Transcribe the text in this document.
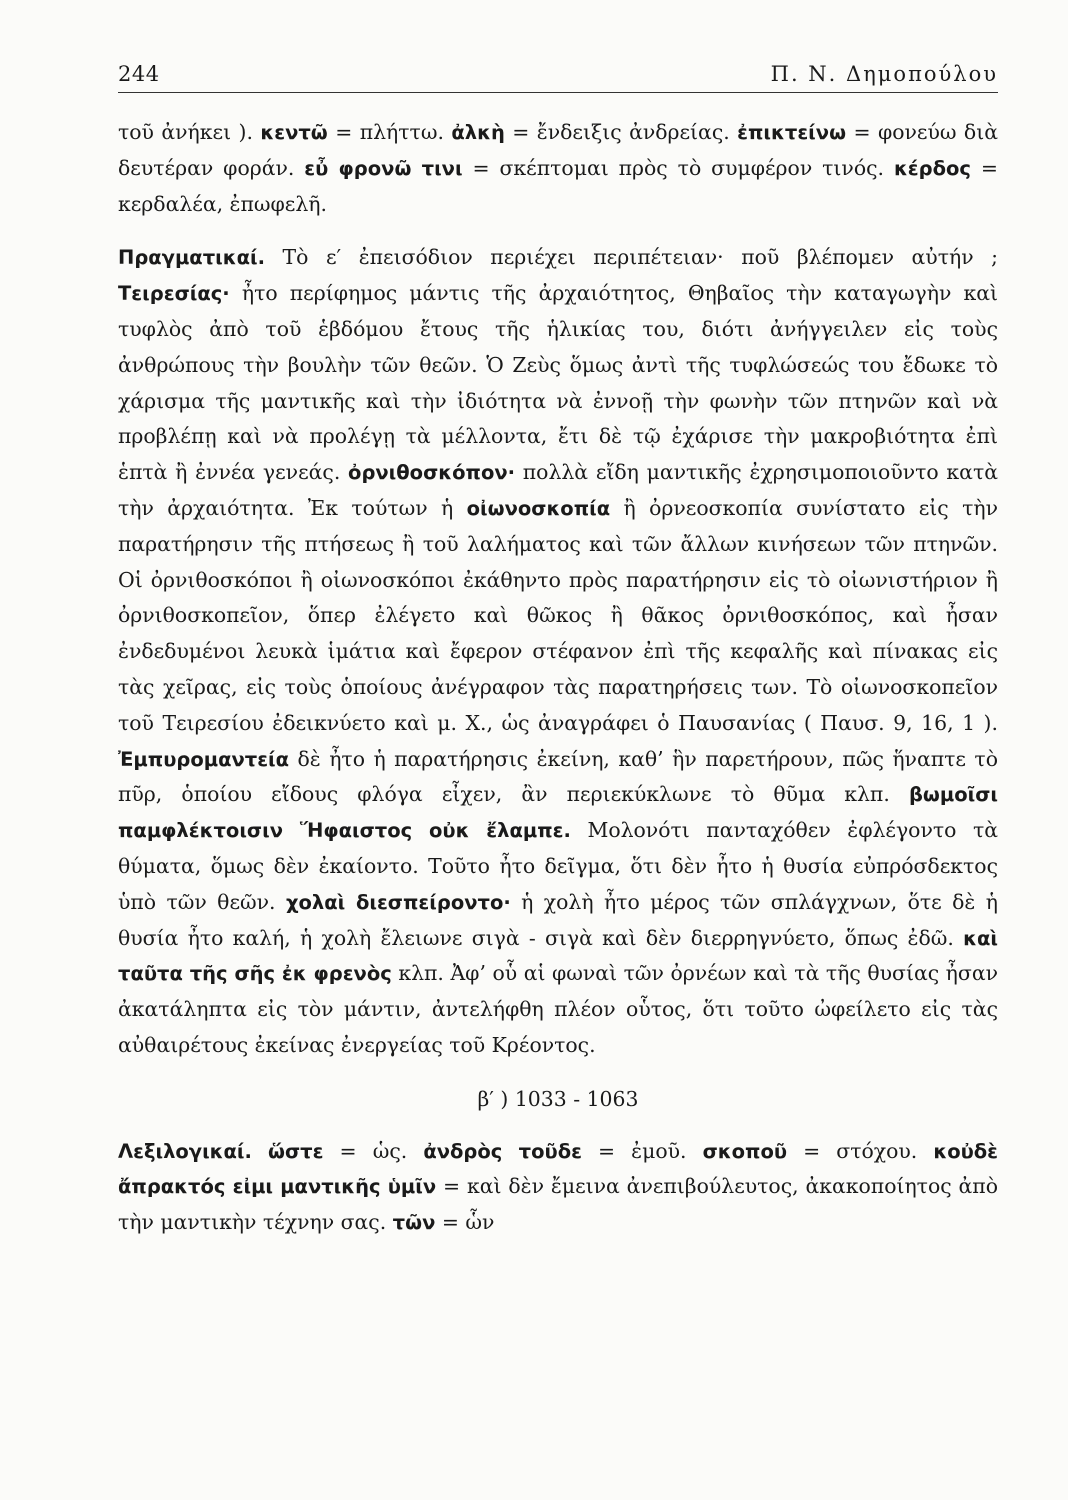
244	Π. Ν. Δημοπούλου

τοῦ ἀνήκει ). κεντῶ = πλήττω. ἀλκὴ = ἔνδειξις ἀνδρείας. ἐπικτείνω = φονεύω διὰ δευτέραν φοράν. εὖ φρονῶ τινι = σκέπτομαι πρὸς τὸ συμφέρον τινός. κέρδος = κερδαλέα, ἐπωφελῆ.

Πραγματικαί. Τὸ ε′ ἐπεισόδιον περιέχει περιπέτειαν· ποῦ βλέπομεν αὐτήν ; Τειρεσίας· ἦτο περίφημος μάντις τῆς ἀρχαιότητος, Θηβαῖος τὴν καταγωγὴν καὶ τυφλὸς ἀπὸ τοῦ ἑβδόμου ἔτους τῆς ἡλικίας του, διότι ἀνήγγειλεν εἰς τοὺς ἀνθρώπους τὴν βουλὴν τῶν θεῶν. Ὁ Ζεὺς ὅμως ἀντὶ τῆς τυφλώσεώς του ἔδωκε τὸ χάρισμα τῆς μαντικῆς καὶ τὴν ἰδιότητα νὰ ἐννοῇ τὴν φωνὴν τῶν πτηνῶν καὶ νὰ προβλέπῃ καὶ νὰ προλέγῃ τὰ μέλλοντα, ἔτι δὲ τῷ ἐχάρισε τὴν μακροβιότητα ἐπὶ ἑπτὰ ἢ ἐννέα γενεάς. ὀρνιθοσκόπον· πολλὰ εἴδη μαντικῆς ἐχρησιμοποιοῦντο κατὰ τὴν ἀρχαιότητα. Ἐκ τούτων ἡ οἰωνοσκοπία ἢ ὀρνεοσκοπία συνίστατο εἰς τὴν παρατήρησιν τῆς πτήσεως ἢ τοῦ λαλήματος καὶ τῶν ἄλλων κινήσεων τῶν πτηνῶν. Οἱ ὀρνιθοσκόποι ἢ οἰωνοσκόποι ἐκάθηντο πρὸς παρατήρησιν εἰς τὸ οἰωνιστήριον ἢ ὀρνιθοσκοπεῖον, ὅπερ ἐλέγετο καὶ θῶκος ἢ θᾶκος ὀρνιθοσκόπος, καὶ ἦσαν ἐνδεδυμένοι λευκὰ ἱμάτια καὶ ἔφερον στέφανον ἐπὶ τῆς κεφαλῆς καὶ πίνακας εἰς τὰς χεῖρας, εἰς τοὺς ὁποίους ἀνέγραφον τὰς παρατηρήσεις των. Τὸ οἰωνοσκοπεῖον τοῦ Τειρεσίου ἐδεικνύετο καὶ μ. Χ., ὡς ἀναγράφει ὁ Παυσανίας ( Παυσ. 9, 16, 1 ). Ἐμπυρομαντεία δὲ ἦτο ἡ παρατήρησις ἐκείνη, καθ’ ἣν παρετήρουν, πῶς ἥναπτε τὸ πῦρ, ὁποίου εἴδους φλόγα εἶχεν, ἂν περιεκύκλωνε τὸ θῦμα κλπ. βωμοῖσι παμφλέκτοισιν Ἥφαιστος οὐκ ἔλαμπε. Μολονότι πανταχόθεν ἐφλέγοντο τὰ θύματα, ὅμως δὲν ἐκαίοντο. Τοῦτο ἦτο δεῖγμα, ὅτι δὲν ἦτο ἡ θυσία εὐπρόσδεκτος ὑπὸ τῶν θεῶν. χολαὶ διεσπείροντο· ἡ χολὴ ἦτο μέρος τῶν σπλάγχνων, ὅτε δὲ ἡ θυσία ἦτο καλή, ἡ χολὴ ἔλειωνε σιγὰ - σιγὰ καὶ δὲν διερρηγνύετο, ὅπως ἐδῶ. καὶ ταῦτα τῆς σῆς ἐκ φρενὸς κλπ. Ἀφ’ οὗ αἱ φωναὶ τῶν ὀρνέων καὶ τὰ τῆς θυσίας ἦσαν ἀκατάληπτα εἰς τὸν μάντιν, ἀντελήφθη πλέον οὗτος, ὅτι τοῦτο ὠφείλετο εἰς τὰς αὐθαιρέτους ἐκείνας ἐνεργείας τοῦ Κρέοντος.

β′ ) 1033 - 1063

Λεξιλογικαί. ὥστε = ὡς. ἀνδρὸς τοῦδε = ἐμοῦ. σκοποῦ = στόχου. κοὐδὲ ἄπρακτός εἰμι μαντικῆς ὑμῖν = καὶ δὲν ἔμεινα ἀνεπιβούλευτος, ἀκακοποίητος ἀπὸ τὴν μαντικὴν τέχνην σας. τῶν = ὧν
